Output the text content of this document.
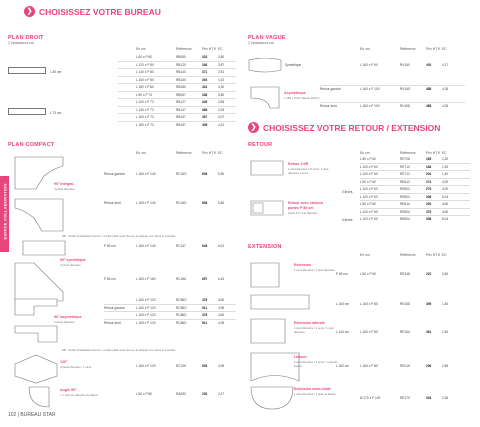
ESPACE COLLABORATION
❯ CHOISISSEZ VOTRE BUREAU
PLAN DROIT
2 épaisseurs cm
En cm	Référence	Prix HT € EC
L 80 cm
L 73 cm
L 80 x P 80	RB080	333	3,80
L 120 x P 80	RB120	346	3,87
L 140 x P 80	RB140	371	3,91
L 160 x P 80	RB160	393	4,10
L 180 x P 80	RB180	424	4,30
L 80 x P 73	RB087	338	3,80
L 120 x P 73	RB127	349	3,85
L 140 x P 73	RB147	368	3,93
L 160 x P 73	RB167	387	4,07
L 180 x P 73	RB187	408	4,22
PLAN VAGUE
2 épaisseurs cm
En cm	Référence	Prix HT € EC
Symétrique	L 160 x P 90	RV160	468	4,17
Asymétrique
L 180 x P 90 / Retour 100cm
Retour gauche	L 160 x P 100	RV16G	488	4,26
Retour droit	L 160 x P 100	RV16D	488	4,26
❯ CHOISISSEZ VOTRE RETOUR / EXTENSION
PLAN COMPACT
En cm	Référence	Prix HT € EC
90° intégral
3 pieds diamètre
Retour gauche	L 160 x P 140	RC16G	608	5,80
Retour droit	L 160 x P 140	RC16D	608	5,80
NB : Outils d’installation fournis. Le bâti métal reste fixe sur le plateau si le client le souhaite.
P 80 cm	L 160 x P 140	RC147	648	6,02
90° symétrique
3 pieds diamètre
P 80 cm	L 160 x P 160	RC166	657	6,43
90° asymétrique
3 pieds diamètre
L 160 x P 120	RC86G	478	4,60
Retour gauche	L 160 x P 120	RC86G	511	4,95
L 160 x P 120	RC86D	478	4,60
Retour droit	L 160 x P 120	RC86D	511	4,95
NB : Outils d’installation fournis. Le bâti métal reste fixe sur le plateau si le client le souhaite.
120°
3 pieds diamètre / 1 sens	L 160 x P 120	RC126	535	4,95
Angle 90°
+ 1 pied de diamètre de liaison	L 80 x P 80	RA080	230	2,47
RETOUR
En cm	Référence	Prix HT € EC
Retour 1/4R
1 pied diamètre 1/4 rond / 1 pied diamètre 1 sens
Retour avec caisson
portes P 80 cm
Socle 1/2 rond diamètre
0 tiroirs
4 tiroirs
L 80 x P 60	RE708	165	1,20
L 100 x P 60	RE710	184	1,30
L 120 x P 60	RE712	204	1,40
L 80 x P 60	RE813	274	4,00
L 100 x P 60	RE803	275	4,00
L 120 x P 60	RE804	308	5,04
L 80 x P 60	RE814	294	4,60
L 100 x P 60	RE804	375	4,60
L 120 x P 60	RE804	398	5,04
EXTENSION
En cm	Référence	Prix HT € EC
Extension
1 pied diamètre / 1 pied diamètre
P 80 cm	L 80 x P 60	RE348	222	0,80
L 160 cm	L 160 x P 80	RE168	359	1,50
Extension latérale
1 pied diamètre / 1 sens / 1 pied diamètre	L 144 cm	L 160 x P 80	RE164	361	1,50
Liaison
1 pied diamètre / 1 sens / 1 pied de liaison	L 160 cm	L 160 x P 80	RRL16	296	2,65
Extension semi-ovale
1 pied diamètre / 1 pied de liaison
Ø 170 x P 100	RE170	304	2,36
102 | BUREAU STAR
